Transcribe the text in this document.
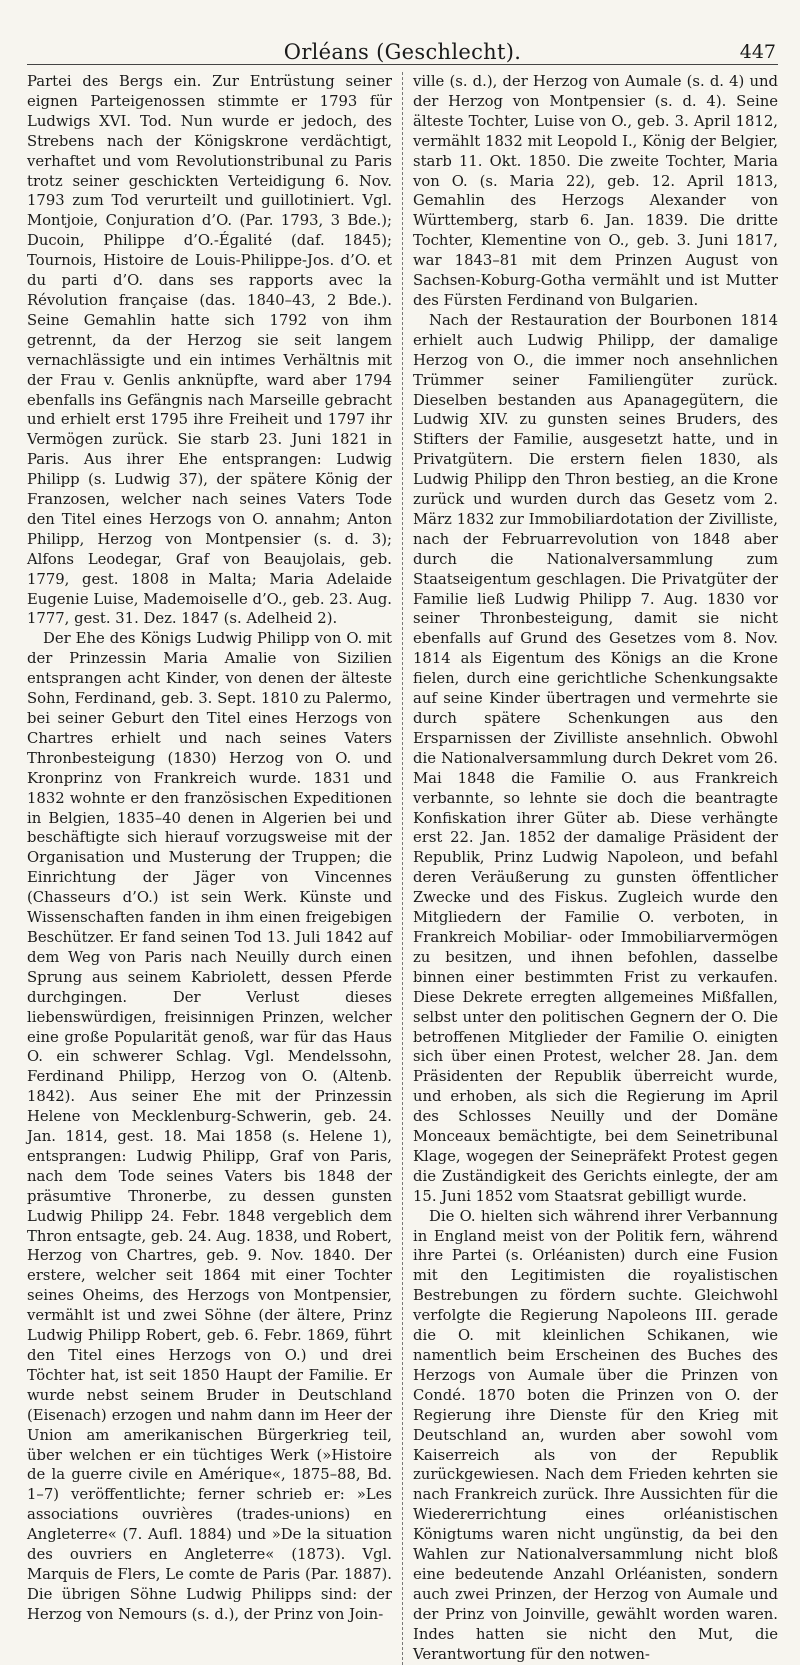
Orléans (Geschlecht).	447

Partei des Bergs ein. Zur Entrüstung seiner eignen Parteigenossen stimmte er 1793 für Ludwigs XVI. Tod. Nun wurde er jedoch, des Strebens nach der Königskrone verdächtigt, verhaftet und vom Revolutionstribunal zu Paris trotz seiner geschickten Verteidigung 6. Nov. 1793 zum Tod verurteilt und guillotiniert. Vgl. Montjoie, Conjuration d’O. (Par. 1793, 3 Bde.); Ducoin, Philippe d’O.-Égalité (daf. 1845); Tournois, Histoire de Louis-Philippe-Jos. d’O. et du parti d’O. dans ses rapports avec la Révolution française (das. 1840–43, 2 Bde.). Seine Gemahlin hatte sich 1792 von ihm getrennt, da der Herzog sie seit langem vernachlässigte und ein intimes Verhältnis mit der Frau v. Genlis anknüpfte, ward aber 1794 ebenfalls ins Gefängnis nach Marseille gebracht und erhielt erst 1795 ihre Freiheit und 1797 ihr Vermögen zurück. Sie starb 23. Juni 1821 in Paris. Aus ihrer Ehe entsprangen: Ludwig Philipp (s. Ludwig 37), der spätere König der Franzosen, welcher nach seines Vaters Tode den Titel eines Herzogs von O. annahm; Anton Philipp, Herzog von Montpensier (s. d. 3); Alfons Leodegar, Graf von Beaujolais, geb. 1779, gest. 1808 in Malta; Maria Adelaide Eugenie Luise, Mademoiselle d’O., geb. 23. Aug. 1777, gest. 31. Dez. 1847 (s. Adelheid 2).

Der Ehe des Königs Ludwig Philipp von O. mit der Prinzessin Maria Amalie von Sizilien entsprangen acht Kinder, von denen der älteste Sohn, Ferdinand, geb. 3. Sept. 1810 zu Palermo, bei seiner Geburt den Titel eines Herzogs von Chartres erhielt und nach seines Vaters Thronbesteigung (1830) Herzog von O. und Kronprinz von Frankreich wurde. 1831 und 1832 wohnte er den französischen Expeditionen in Belgien, 1835–40 denen in Algerien bei und beschäftigte sich hierauf vorzugsweise mit der Organisation und Musterung der Truppen; die Einrichtung der Jäger von Vincennes (Chasseurs d’O.) ist sein Werk. Künste und Wissenschaften fanden in ihm einen freigebigen Beschützer. Er fand seinen Tod 13. Juli 1842 auf dem Weg von Paris nach Neuilly durch einen Sprung aus seinem Kabriolett, dessen Pferde durchgingen. Der Verlust dieses liebenswürdigen, freisinnigen Prinzen, welcher eine große Popularität genoß, war für das Haus O. ein schwerer Schlag. Vgl. Mendelssohn, Ferdinand Philipp, Herzog von O. (Altenb. 1842). Aus seiner Ehe mit der Prinzessin Helene von Mecklenburg-Schwerin, geb. 24. Jan. 1814, gest. 18. Mai 1858 (s. Helene 1), entsprangen: Ludwig Philipp, Graf von Paris, nach dem Tode seines Vaters bis 1848 der präsumtive Thronerbe, zu dessen gunsten Ludwig Philipp 24. Febr. 1848 vergeblich dem Thron entsagte, geb. 24. Aug. 1838, und Robert, Herzog von Chartres, geb. 9. Nov. 1840. Der erstere, welcher seit 1864 mit einer Tochter seines Oheims, des Herzogs von Montpensier, vermählt ist und zwei Söhne (der ältere, Prinz Ludwig Philipp Robert, geb. 6. Febr. 1869, führt den Titel eines Herzogs von O.) und drei Töchter hat, ist seit 1850 Haupt der Familie. Er wurde nebst seinem Bruder in Deutschland (Eisenach) erzogen und nahm dann im Heer der Union am amerikanischen Bürgerkrieg teil, über welchen er ein tüchtiges Werk (»Histoire de la guerre civile en Amérique«, 1875–88, Bd. 1–7) veröffentlichte; ferner schrieb er: »Les associations ouvrières (trades-unions) en Angleterre« (7. Aufl. 1884) und »De la situation des ouvriers en Angleterre« (1873). Vgl. Marquis de Flers, Le comte de Paris (Par. 1887). Die übrigen Söhne Ludwig Philipps sind: der Herzog von Nemours (s. d.), der Prinz von Join-

ville (s. d.), der Herzog von Aumale (s. d. 4) und der Herzog von Montpensier (s. d. 4). Seine älteste Tochter, Luise von O., geb. 3. April 1812, vermählt 1832 mit Leopold I., König der Belgier, starb 11. Okt. 1850. Die zweite Tochter, Maria von O. (s. Maria 22), geb. 12. April 1813, Gemahlin des Herzogs Alexander von Württemberg, starb 6. Jan. 1839. Die dritte Tochter, Klementine von O., geb. 3. Juni 1817, war 1843–81 mit dem Prinzen August von Sachsen-Koburg-Gotha vermählt und ist Mutter des Fürsten Ferdinand von Bulgarien.

Nach der Restauration der Bourbonen 1814 erhielt auch Ludwig Philipp, der damalige Herzog von O., die immer noch ansehnlichen Trümmer seiner Familiengüter zurück. Dieselben bestanden aus Apanagegütern, die Ludwig XIV. zu gunsten seines Bruders, des Stifters der Familie, ausgesetzt hatte, und in Privatgütern. Die erstern fielen 1830, als Ludwig Philipp den Thron bestieg, an die Krone zurück und wurden durch das Gesetz vom 2. März 1832 zur Immobiliardotation der Zivilliste, nach der Februarrevolution von 1848 aber durch die Nationalversammlung zum Staatseigentum geschlagen. Die Privatgüter der Familie ließ Ludwig Philipp 7. Aug. 1830 vor seiner Thronbesteigung, damit sie nicht ebenfalls auf Grund des Gesetzes vom 8. Nov. 1814 als Eigentum des Königs an die Krone fielen, durch eine gerichtliche Schenkungsakte auf seine Kinder übertragen und vermehrte sie durch spätere Schenkungen aus den Ersparnissen der Zivilliste ansehnlich. Obwohl die Nationalversammlung durch Dekret vom 26. Mai 1848 die Familie O. aus Frankreich verbannte, so lehnte sie doch die beantragte Konfiskation ihrer Güter ab. Diese verhängte erst 22. Jan. 1852 der damalige Präsident der Republik, Prinz Ludwig Napoleon, und befahl deren Veräußerung zu gunsten öffentlicher Zwecke und des Fiskus. Zugleich wurde den Mitgliedern der Familie O. verboten, in Frankreich Mobiliar- oder Immobiliarvermögen zu besitzen, und ihnen befohlen, dasselbe binnen einer bestimmten Frist zu verkaufen. Diese Dekrete erregten allgemeines Mißfallen, selbst unter den politischen Gegnern der O. Die betroffenen Mitglieder der Familie O. einigten sich über einen Protest, welcher 28. Jan. dem Präsidenten der Republik überreicht wurde, und erhoben, als sich die Regierung im April des Schlosses Neuilly und der Domäne Monceaux bemächtigte, bei dem Seinetribunal Klage, wogegen der Seinepräfekt Protest gegen die Zuständigkeit des Gerichts einlegte, der am 15. Juni 1852 vom Staatsrat gebilligt wurde.

Die O. hielten sich während ihrer Verbannung in England meist von der Politik fern, während ihre Partei (s. Orléanisten) durch eine Fusion mit den Legitimisten die royalistischen Bestrebungen zu fördern suchte. Gleichwohl verfolgte die Regierung Napoleons III. gerade die O. mit kleinlichen Schikanen, wie namentlich beim Erscheinen des Buches des Herzogs von Aumale über die Prinzen von Condé. 1870 boten die Prinzen von O. der Regierung ihre Dienste für den Krieg mit Deutschland an, wurden aber sowohl vom Kaiserreich als von der Republik zurückgewiesen. Nach dem Frieden kehrten sie nach Frankreich zurück. Ihre Aussichten für die Wiedererrichtung eines orléanistischen Königtums waren nicht ungünstig, da bei den Wahlen zur Nationalversammlung nicht bloß eine bedeutende Anzahl Orléanisten, sondern auch zwei Prinzen, der Herzog von Aumale und der Prinz von Joinville, gewählt worden waren. Indes hatten sie nicht den Mut, die Verantwortung für den notwen-
